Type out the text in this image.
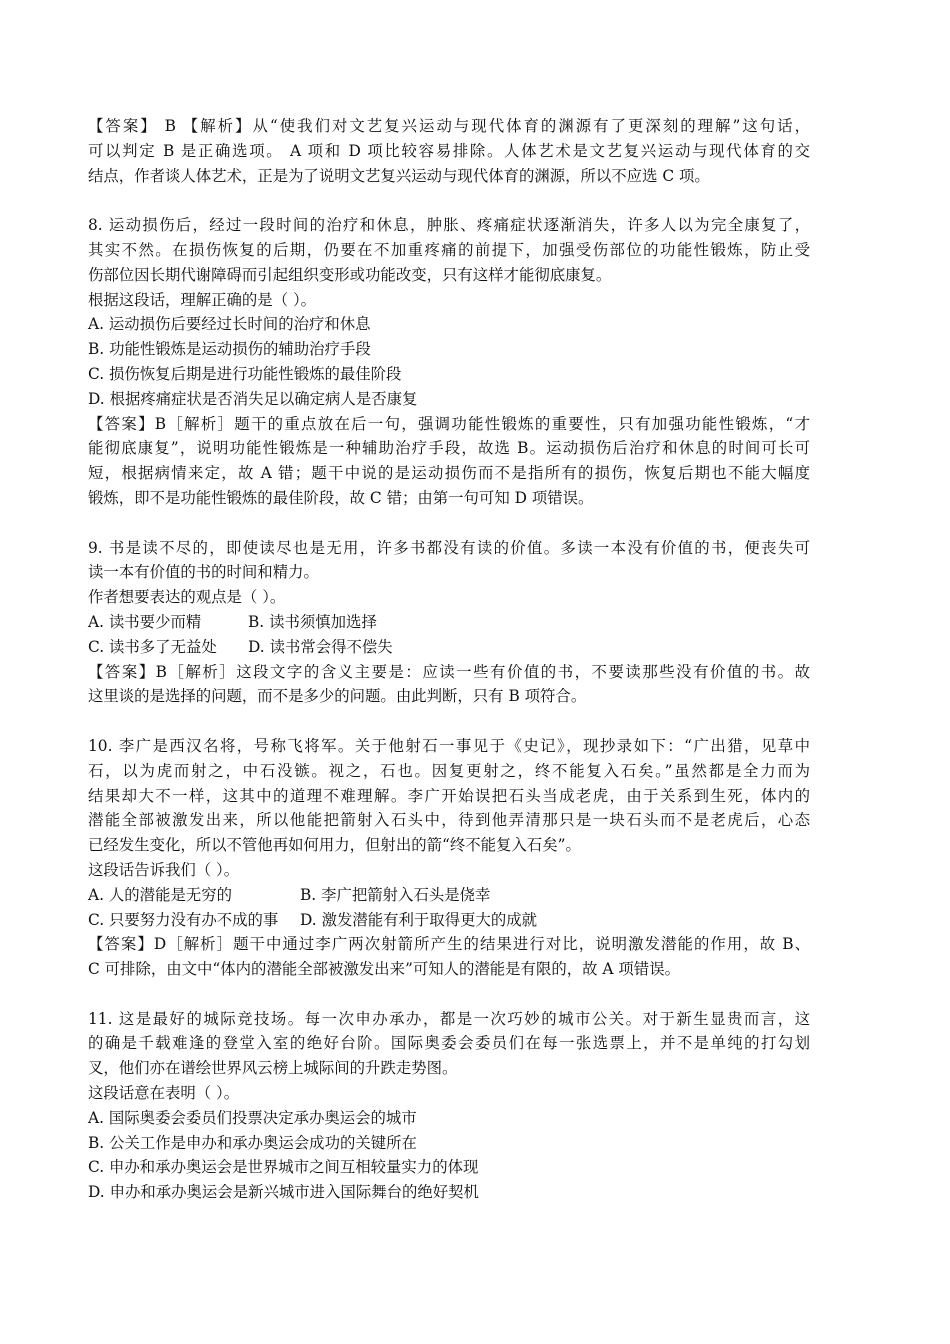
【答案】 B 【解析】从“使我们对文艺复兴运动与现代体育的渊源有了更深刻的理解”这句话，
可以判定 B 是正确选项。 A 项和 D 项比较容易排除。人体艺术是文艺复兴运动与现代体育的交
结点，作者谈人体艺术，正是为了说明文艺复兴运动与现代体育的渊源，所以不应选 C 项。
8. 运动损伤后，经过一段时间的治疗和休息，肿胀、疼痛症状逐渐消失，许多人以为完全康复了，
其实不然。在损伤恢复的后期，仍要在不加重疼痛的前提下，加强受伤部位的功能性锻炼，防止受
伤部位因长期代谢障碍而引起组织变形或功能改变，只有这样才能彻底康复。
根据这段话，理解正确的是（ ）。
A. 运动损伤后要经过长时间的治疗和休息
B. 功能性锻炼是运动损伤的辅助治疗手段
C. 损伤恢复后期是进行功能性锻炼的最佳阶段
D. 根据疼痛症状是否消失足以确定病人是否康复
【答案】B［解析］题干的重点放在后一句，强调功能性锻炼的重要性，只有加强功能性锻炼，“才
能彻底康复”，说明功能性锻炼是一种辅助治疗手段，故选 B。运动损伤后治疗和休息的时间可长可
短，根据病情来定，故 A 错；题干中说的是运动损伤而不是指所有的损伤，恢复后期也不能大幅度
锻炼，即不是功能性锻炼的最佳阶段，故 C 错；由第一句可知 D 项错误。
9. 书是读不尽的，即使读尽也是无用，许多书都没有读的价值。多读一本没有价值的书，便丧失可
读一本有价值的书的时间和精力。
作者想要表达的观点是（ ）。
A. 读书要少而精	B. 读书须慎加选择
C. 读书多了无益处	D. 读书常会得不偿失
【答案】B［解析］这段文字的含义主要是：应读一些有价值的书，不要读那些没有价值的书。故
这里谈的是选择的问题，而不是多少的问题。由此判断，只有 B 项符合。
10. 李广是西汉名将，号称飞将军。关于他射石一事见于《史记》，现抄录如下：“广出猎，见草中
石，以为虎而射之，中石没镞。视之，石也。因复更射之，终不能复入石矣。”虽然都是全力而为
结果却大不一样，这其中的道理不难理解。李广开始误把石头当成老虎，由于关系到生死，体内的
潜能全部被激发出来，所以他能把箭射入石头中，待到他弄清那只是一块石头而不是老虎后，心态
已经发生变化，所以不管他再如何用力，但射出的箭“终不能复入石矣”。
这段话告诉我们（ ）。
A. 人的潜能是无穷的	B. 李广把箭射入石头是侥幸
C. 只要努力没有办不成的事	D. 激发潜能有利于取得更大的成就
【答案】D［解析］题干中通过李广两次射箭所产生的结果进行对比，说明激发潜能的作用，故 B、
C 可排除，由文中“体内的潜能全部被激发出来”可知人的潜能是有限的，故 A 项错误。
11. 这是最好的城际竞技场。每一次申办承办，都是一次巧妙的城市公关。对于新生显贵而言，这
的确是千载难逢的登堂入室的绝好台阶。国际奥委会委员们在每一张选票上，并不是单纯的打勾划
叉，他们亦在谱绘世界风云榜上城际间的升跌走势图。
这段话意在表明（ ）。
A. 国际奥委会委员们投票决定承办奥运会的城市
B. 公关工作是申办和承办奥运会成功的关键所在
C. 申办和承办奥运会是世界城市之间互相较量实力的体现
D. 申办和承办奥运会是新兴城市进入国际舞台的绝好契机
